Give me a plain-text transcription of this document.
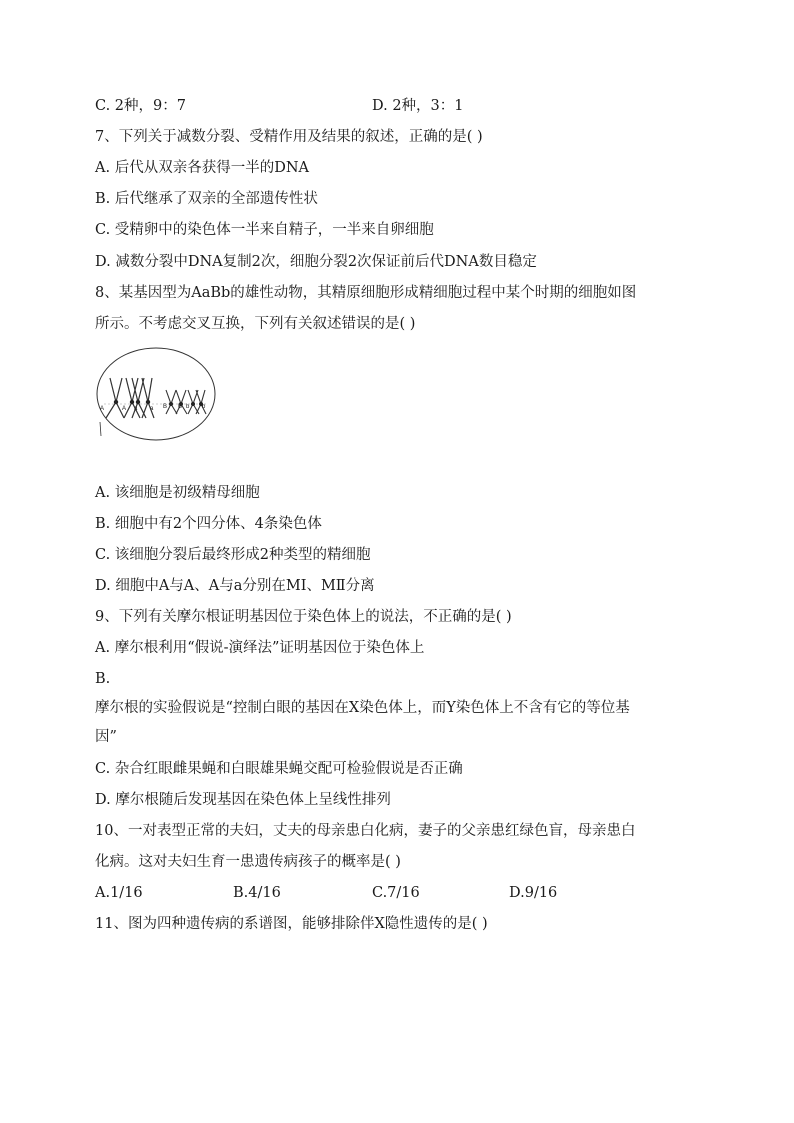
C. 2种，9：7	D. 2种，3：1
7、下列关于减数分裂、受精作用及结果的叙述，正确的是( )
A. 后代从双亲各获得一半的DNA
B. 后代继承了双亲的全部遗传性状
C. 受精卵中的染色体一半来自精子，一半来自卵细胞
D. 减数分裂中DNA复制2次，细胞分裂2次保证前后代DNA数目稳定
8、某基因型为AaBb的雄性动物，其精原细胞形成精细胞过程中某个时期的细胞如图
所示。不考虑交叉互换，下列有关叙述错误的是( )
A	A a a B B b b
A. 该细胞是初级精母细胞
B. 细胞中有2个四分体、4条染色体
C. 该细胞分裂后最终形成2种类型的精细胞
D. 细胞中A与A、A与a分别在MⅠ、MⅡ分离
9、下列有关摩尔根证明基因位于染色体上的说法，不正确的是( )
A. 摩尔根利用“假说-演绎法”证明基因位于染色体上
B.
摩尔根的实验假说是“控制白眼的基因在X染色体上，而Y染色体上不含有它的等位基
因”
C. 杂合红眼雌果蝇和白眼雄果蝇交配可检验假说是否正确
D. 摩尔根随后发现基因在染色体上呈线性排列
10、一对表型正常的夫妇，丈夫的母亲患白化病，妻子的父亲患红绿色盲，母亲患白
化病。这对夫妇生育一患遗传病孩子的概率是( )
A.1/16	B.4/16	C.7/16	D.9/16
11、图为四种遗传病的系谱图，能够排除伴X隐性遗传的是( )
